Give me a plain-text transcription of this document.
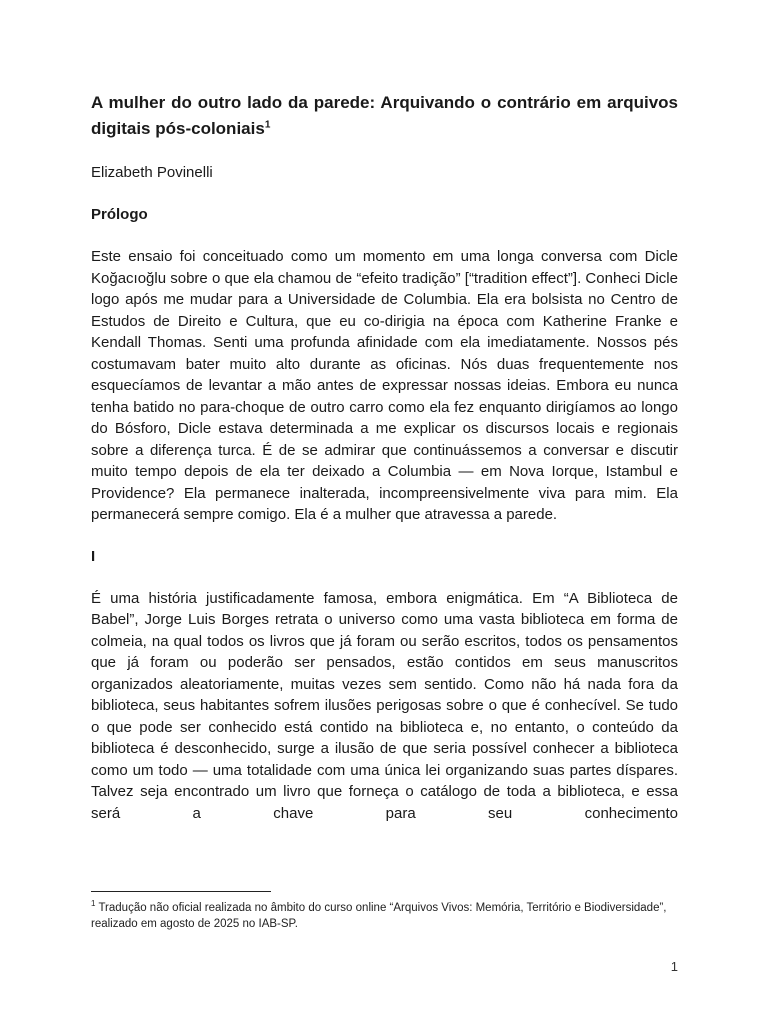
A mulher do outro lado da parede: Arquivando o contrário em arquivos digitais pós-coloniais$^1$
Elizabeth Povinelli
Prólogo

Este ensaio foi conceituado como um momento em uma longa conversa com Dicle Koğacıoğlu sobre o que ela chamou de “efeito tradição” [“tradition effect”]. Conheci Dicle logo após me mudar para a Universidade de Columbia. Ela era bolsista no Centro de Estudos de Direito e Cultura, que eu co-dirigia na época com Katherine Franke e Kendall Thomas. Senti uma profunda afinidade com ela imediatamente. Nossos pés costumavam bater muito alto durante as oficinas. Nós duas frequentemente nos esquecíamos de levantar a mão antes de expressar nossas ideias. Embora eu nunca tenha batido no para-choque de outro carro como ela fez enquanto dirigíamos ao longo do Bósforo, Dicle estava determinada a me explicar os discursos locais e regionais sobre a diferença turca. É de se admirar que continuássemos a conversar e discutir muito tempo depois de ela ter deixado a Columbia — em Nova Iorque, Istambul e Providence? Ela permanece inalterada, incompreensivelmente viva para mim. Ela permanecerá sempre comigo. Ela é a mulher que atravessa a parede.

I

É uma história justificadamente famosa, embora enigmática. Em “A Biblioteca de Babel”, Jorge Luis Borges retrata o universo como uma vasta biblioteca em forma de colmeia, na qual todos os livros que já foram ou serão escritos, todos os pensamentos que já foram ou poderão ser pensados, estão contidos em seus manuscritos organizados aleatoriamente, muitas vezes sem sentido. Como não há nada fora da biblioteca, seus habitantes sofrem ilusões perigosas sobre o que é conhecível. Se tudo o que pode ser conhecido está contido na biblioteca e, no entanto, o conteúdo da biblioteca é desconhecido, surge a ilusão de que seria possível conhecer a biblioteca como um todo — uma totalidade com uma única lei organizando suas partes díspares. Talvez seja encontrado um livro que forneça o catálogo de toda a biblioteca, e essa será a chave para seu conhecimento

$^1$ Tradução não oficial realizada no âmbito do curso online “Arquivos Vivos: Memória, Território e Biodiversidade”, realizado em agosto de 2025 no IAB-SP.
1
